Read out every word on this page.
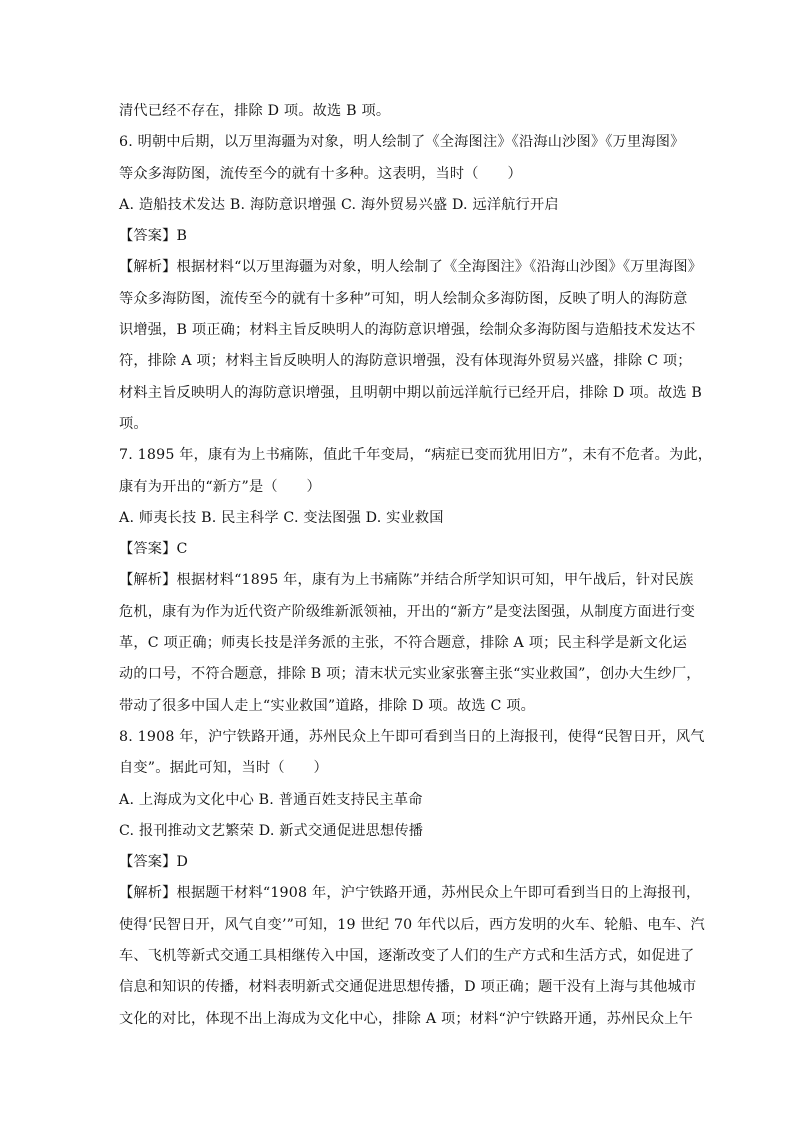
清代已经不存在，排除 D 项。故选 B 项。
6. 明朝中后期，以万里海疆为对象，明人绘制了《全海图注》《沿海山沙图》《万里海图》
等众多海防图，流传至今的就有十多种。这表明，当时（　　）
A. 造船技术发达 B. 海防意识增强 C. 海外贸易兴盛 D. 远洋航行开启
【答案】B
【解析】根据材料“以万里海疆为对象，明人绘制了《全海图注》《沿海山沙图》《万里海图》
等众多海防图，流传至今的就有十多种”可知，明人绘制众多海防图，反映了明人的海防意
识增强，B 项正确；材料主旨反映明人的海防意识增强，绘制众多海防图与造船技术发达不
符，排除 A 项；材料主旨反映明人的海防意识增强，没有体现海外贸易兴盛，排除 C 项；
材料主旨反映明人的海防意识增强，且明朝中期以前远洋航行已经开启，排除 D 项。故选 B
项。
7. 1895 年，康有为上书痛陈，值此千年变局，“病症已变而犹用旧方”，未有不危者。为此，
康有为开出的“新方”是（　　）
A. 师夷长技 B. 民主科学 C. 变法图强 D. 实业救国
【答案】C
【解析】根据材料“1895 年，康有为上书痛陈”并结合所学知识可知，甲午战后，针对民族
危机，康有为作为近代资产阶级维新派领袖，开出的“新方”是变法图强，从制度方面进行变
革，C 项正确；师夷长技是洋务派的主张，不符合题意，排除 A 项；民主科学是新文化运
动的口号，不符合题意，排除 B 项；清末状元实业家张謇主张“实业救国”，创办大生纱厂，
带动了很多中国人走上“实业救国”道路，排除 D 项。故选 C 项。
8. 1908 年，沪宁铁路开通，苏州民众上午即可看到当日的上海报刊，使得“民智日开，风气
自变”。据此可知，当时（　　）
A. 上海成为文化中心 B. 普通百姓支持民主革命
C. 报刊推动文艺繁荣 D. 新式交通促进思想传播
【答案】D
【解析】根据题干材料“1908 年，沪宁铁路开通，苏州民众上午即可看到当日的上海报刊，
使得‘民智日开，风气自变’”可知，19 世纪 70 年代以后，西方发明的火车、轮船、电车、汽
车、飞机等新式交通工具相继传入中国，逐渐改变了人们的生产方式和生活方式，如促进了
信息和知识的传播，材料表明新式交通促进思想传播，D 项正确；题干没有上海与其他城市
文化的对比，体现不出上海成为文化中心，排除 A 项；材料“沪宁铁路开通，苏州民众上午
